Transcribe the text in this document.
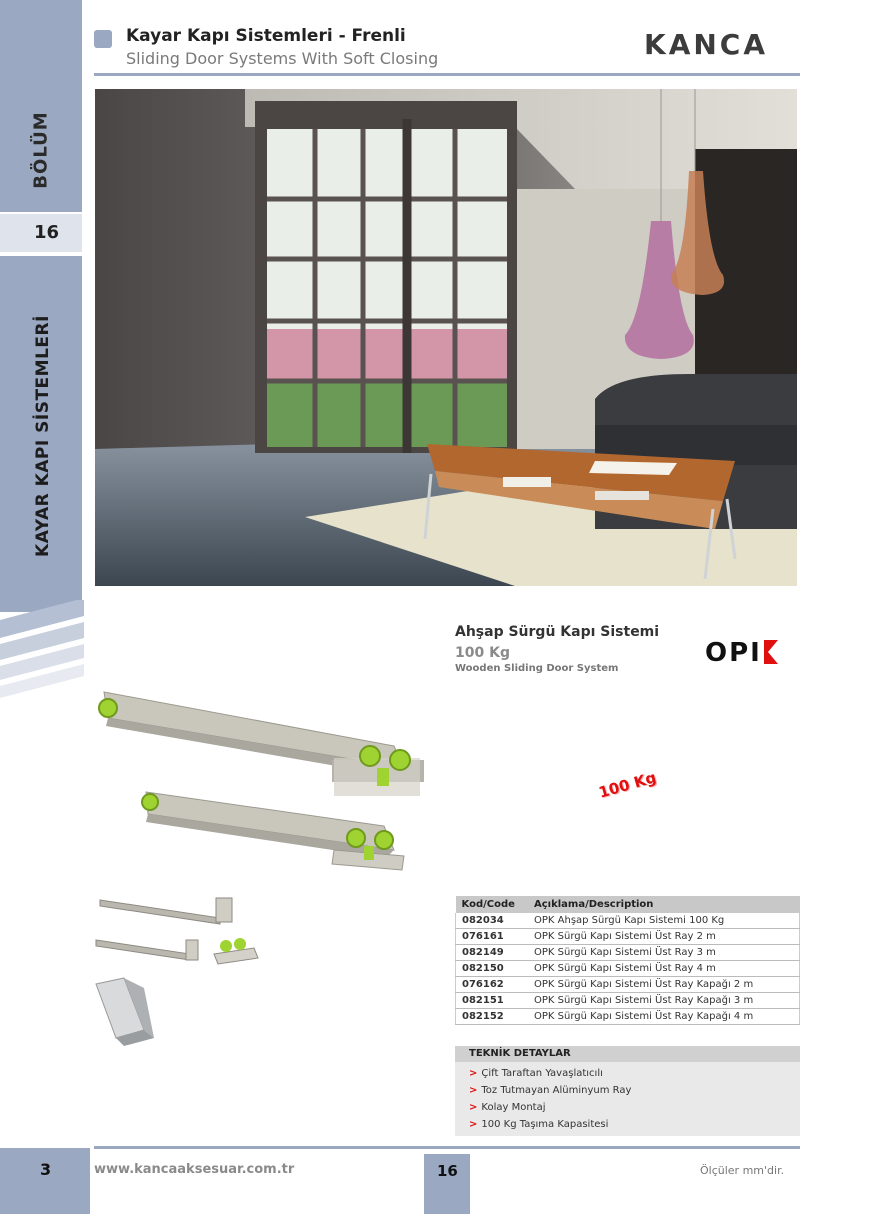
BÖLÜM
16
KAYAR KAPI SİSTEMLERİ
Kayar Kapı Sistemleri - Frenli
Sliding Door Systems With Soft Closing	KANCA
Ahşap Sürgü Kapı Sistemi
100 Kg
Wooden Sliding Door System
OPI
100 Kg
Kod/Code	Açıklama/Description
082034	OPK Ahşap Sürgü Kapı Sistemi 100 Kg
076161	OPK Sürgü Kapı Sistemi Üst Ray 2 m
082149	OPK Sürgü Kapı Sistemi Üst Ray 3 m
082150	OPK Sürgü Kapı Sistemi Üst Ray 4 m
076162	OPK Sürgü Kapı Sistemi Üst Ray Kapağı 2 m
082151	OPK Sürgü Kapı Sistemi Üst Ray Kapağı 3 m
082152	OPK Sürgü Kapı Sistemi Üst Ray Kapağı 4 m
TEKNİK DETAYLAR
> Çift Taraftan Yavaşlatıcılı
> Toz Tutmayan Alüminyum Ray
> Kolay Montaj
> 100 Kg Taşıma Kapasitesi
3	www.kancaaksesuar.com.tr	16	Ölçüler mm'dir.
